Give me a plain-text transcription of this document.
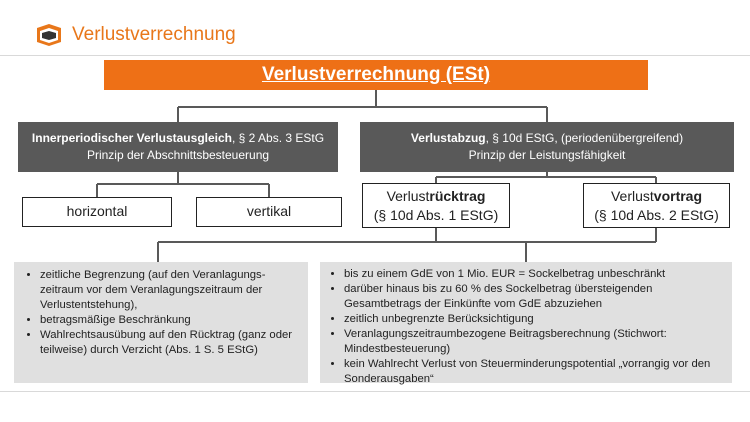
Verlustverrechnung
Verlustverrechnung (ESt)
Innerperiodischer Verlustausgleich, § 2 Abs. 3 EStG
Prinzip der Abschnittsbesteuerung
Verlustabzug, § 10d EStG, (periodenübergreifend)
Prinzip der Leistungsfähigkeit
horizontal	vertikal
Verlustrücktrag
(§ 10d Abs. 1 EStG)
Verlustvortrag
(§ 10d Abs. 2 EStG)
• zeitliche Begrenzung (auf den Veranlagungs-zeitraum vor dem Veranlagungszeitraum der Verlustentstehung),
• betragsmäßige Beschränkung
• Wahlrechtsausübung auf den Rücktrag (ganz oder teilweise) durch Verzicht (Abs. 1 S. 5 EStG)
• bis zu einem GdE von 1 Mio. EUR = Sockelbetrag unbeschränkt
• darüber hinaus bis zu 60 % des Sockelbetrag übersteigenden Gesamtbetrags der Einkünfte vom GdE abzuziehen
• zeitlich unbegrenzte Berücksichtigung
• Veranlagungszeitraumbezogene Beitragsberechnung (Stichwort: Mindestbesteuerung)
• kein Wahlrecht Verlust von Steuerminderungspotential „vorrangig vor den Sonderausgaben“
